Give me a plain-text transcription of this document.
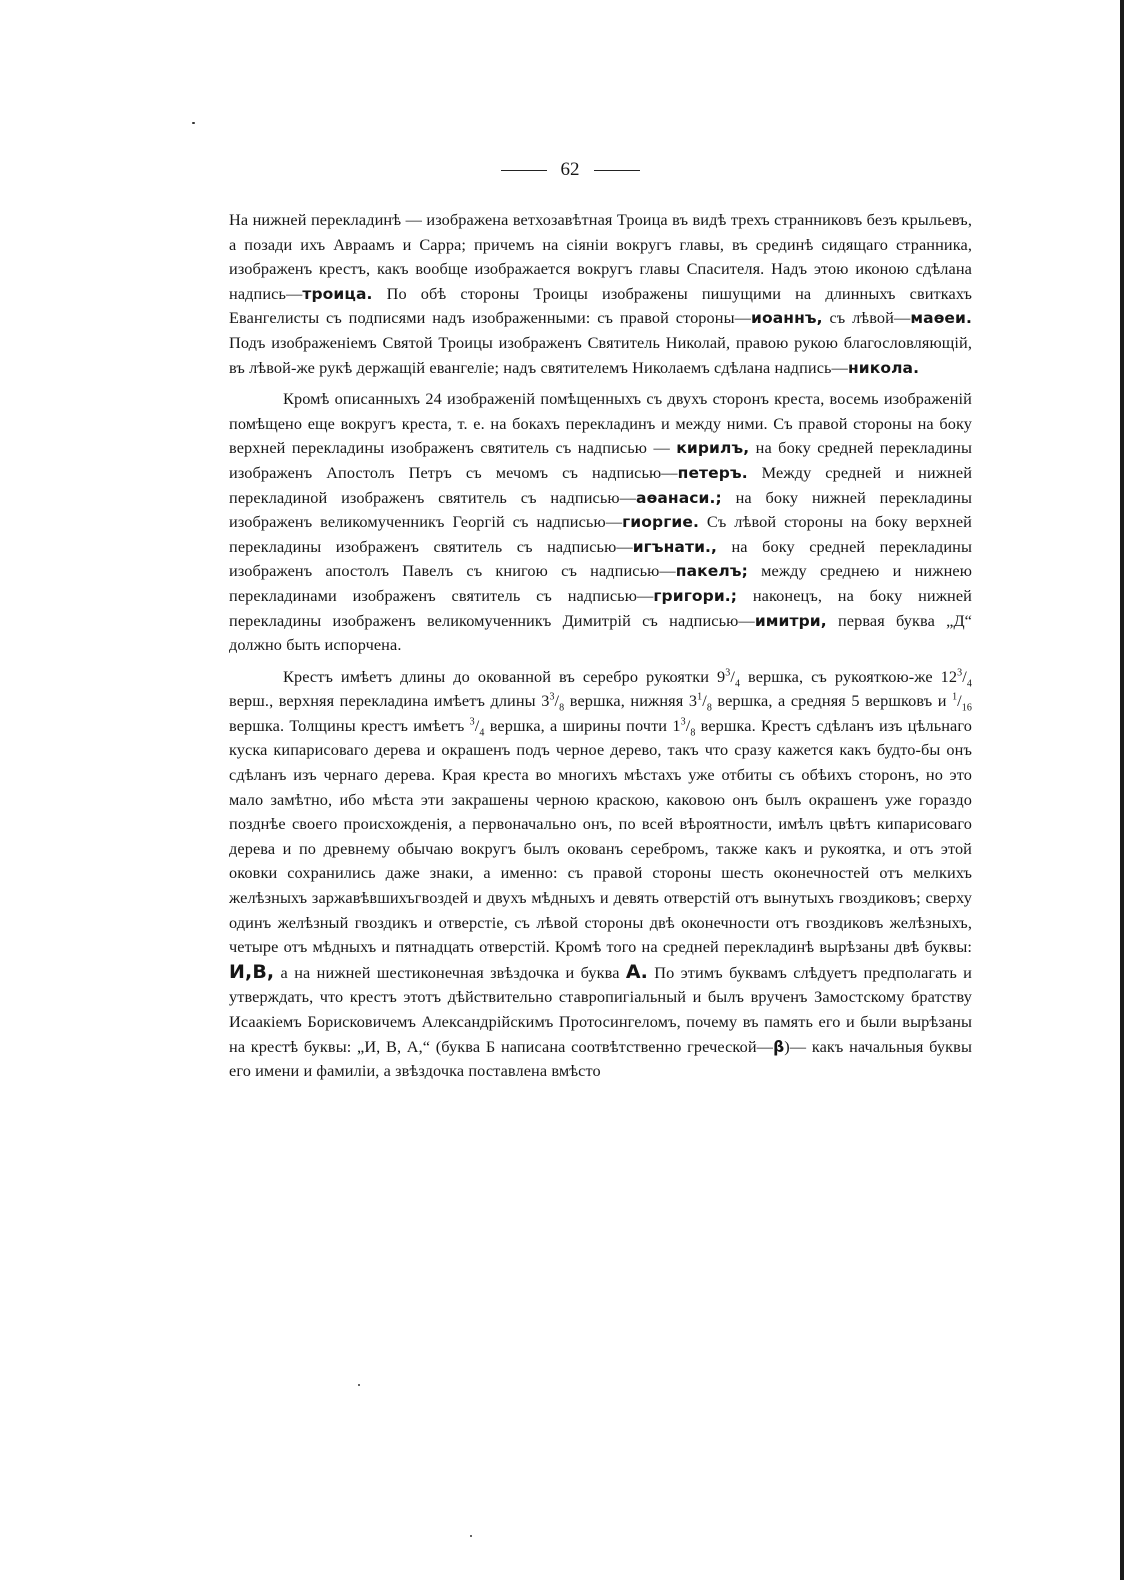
62

На нижней перекладинѣ — изображена ветхозавѣтная Троица въ видѣ трехъ странниковъ безъ крыльевъ, а позади ихъ Авраамъ и Сарра; причемъ на сіяніи вокругъ главы, въ срединѣ сидящаго странника, изображенъ крестъ, какъ вообще изображается вокругъ главы Спасителя. Надъ этою иконою сдѣлана надпись—троица. По обѣ стороны Троицы изображены пишущими на длинныхъ свиткахъ Евангелисты съ подписями надъ изображенными: съ правой стороны—иоаннъ, съ лѣвой—маѳеи. Подъ изображеніемъ Святой Троицы изображенъ Святитель Николай, правою рукою благословляющій, въ лѣвой-же рукѣ держащій евангеліе; надъ святителемъ Николаемъ сдѣлана надпись—никола.

Кромѣ описанныхъ 24 изображеній помѣщенныхъ съ двухъ сторонъ креста, восемь изображеній помѣщено еще вокругъ креста, т. е. на бокахъ перекладинъ и между ними. Съ правой стороны на боку верхней перекладины изображенъ святитель съ надписью — кирилъ, на боку средней перекладины изображенъ Апостолъ Петръ съ мечомъ съ надписью—петеръ. Между средней и нижней перекладиной изображенъ святитель съ надписью—аѳанаси.; на боку нижней перекладины изображенъ великомученникъ Георгій съ надписью—гиоргие. Съ лѣвой стороны на боку верхней перекладины изображенъ святитель съ надписью—игънати., на боку средней перекладины изображенъ апостолъ Павелъ съ книгою съ надписью—пакелъ; между среднею и нижнею перекладинами изображенъ святитель съ надписью—григори.; наконецъ, на боку нижней перекладины изображенъ великомученникъ Димитрій съ надписью—имитри, первая буква „Д“ должно быть испорчена.

Крестъ имѣетъ длины до окованной въ серебро рукоятки $9^3/_4$ вершка, съ рукояткою-же $12^3/_4$ верш., верхняя перекладина имѣетъ длины $3^3/_8$ вершка, нижняя $3^1/_8$ вершка, а средняя 5 вершковъ и $^1/_{16}$ вершка. Толщины крестъ имѣетъ $^3/_4$ вершка, а ширины почти $1^3/_8$ вершка. Крестъ сдѣланъ изъ цѣльнаго куска кипарисоваго дерева и окрашенъ подъ черное дерево, такъ что сразу кажется какъ будто-бы онъ сдѣланъ изъ чернаго дерева. Края креста во многихъ мѣстахъ уже отбиты съ обѣихъ сторонъ, но это мало замѣтно, ибо мѣста эти закрашены черною краскою, каковою онъ былъ окрашенъ уже гораздо позднѣе своего происхожденія, а первоначально онъ, по всей вѣроятности, имѣлъ цвѣтъ кипарисоваго дерева и по древнему обычаю вокругъ былъ окованъ серебромъ, также какъ и рукоятка, и отъ этой оковки сохранились даже знаки, а именно: съ правой стороны шесть оконечностей отъ мелкихъ желѣзныхъ заржавѣвшихъгвоздей и двухъ мѣдныхъ и девять отверстій отъ вынутыхъ гвоздиковъ; сверху одинъ желѣзный гвоздикъ и отверстіе, съ лѣвой стороны двѣ оконечности отъ гвоздиковъ желѣзныхъ, четыре отъ мѣдныхъ и пятнадцать отверстій. Кромѣ того на средней перекладинѣ вырѣзаны двѣ буквы: И,В, а на нижней шестиконечная звѣздочка и буква А. По этимъ буквамъ слѣдуетъ предполагать и утверждать, что крестъ этотъ дѣйствительно ставропигіальный и былъ врученъ Замостскому братству Исаакіемъ Борисковичемъ Александрійскимъ Протосингеломъ, почему въ память его и были вырѣзаны на крестѣ буквы: „И, В, А,“ (буква Б написана соотвѣтственно греческой—β)— какъ начальныя буквы его имени и фамиліи, а звѣздочка поставлена вмѣсто
